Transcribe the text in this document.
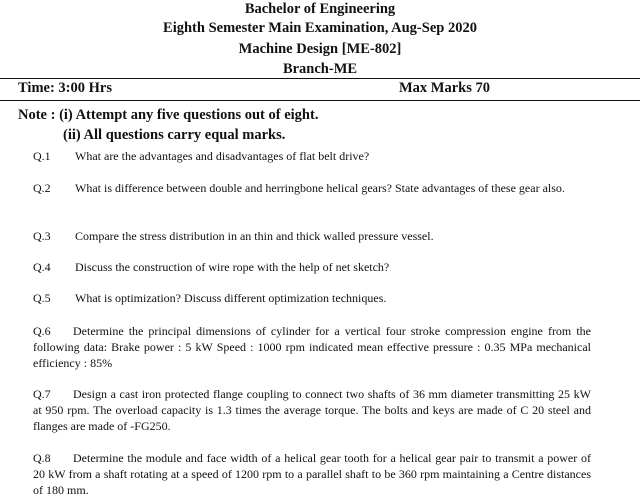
Bachelor of Engineering
Eighth Semester Main Examination, Aug-Sep 2020
Machine Design [ME-802]
Branch-ME
Time: 3:00 Hrs	Max Marks 70
Note : (i) Attempt any five questions out of eight.
(ii) All questions carry equal marks.
Q.1	What are the advantages and disadvantages of flat belt drive?
Q.2	What is difference between double and herringbone helical gears? State advantages of these gear also.
Q.3	Compare the stress distribution in an thin and thick walled pressure vessel.
Q.4	Discuss the construction of wire rope with the help of net sketch?
Q.5	What is optimization? Discuss different optimization techniques.
Q.6	Determine the principal dimensions of cylinder for a vertical four stroke compression engine from the following data: Brake power : 5 kW Speed : 1000 rpm indicated mean effective pressure : 0.35 MPa mechanical efficiency : 85%
Q.7	Design a cast iron protected flange coupling to connect two shafts of 36 mm diameter transmitting 25 kW at 950 rpm. The overload capacity is 1.3 times the average torque. The bolts and keys are made of C 20 steel and flanges are made of -FG250.
Q.8	Determine the module and face width of a helical gear tooth for a helical gear pair to transmit a power of 20 kW from a shaft rotating at a speed of 1200 rpm to a parallel shaft to be 360 rpm maintaining a Centre distances of 180 mm.
